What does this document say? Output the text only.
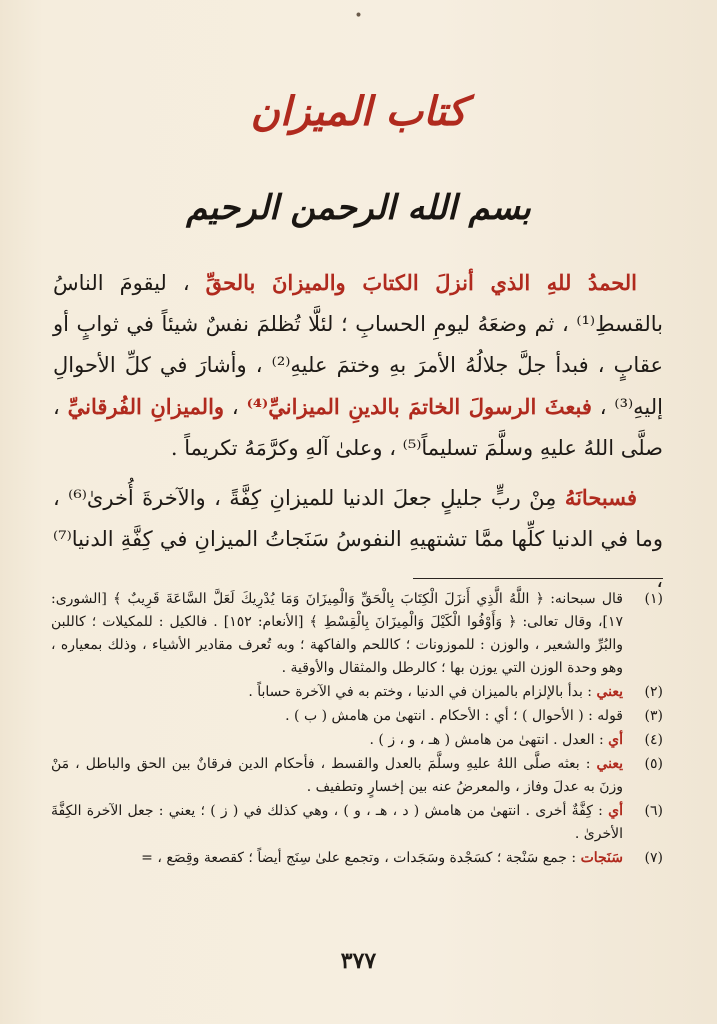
•
كتاب الميزان
بسم الله الرحمن الرحيم

الحمدُ للهِ الذي أنزلَ الكتابَ والميزانَ بالحقِّ ، ليقومَ الناسُ بالقسطِ⁽¹⁾ ، ثم وضعَهُ ليومِ الحسابِ ؛ لئلَّا تُظلمَ نفسٌ شيئاً في ثوابٍ أو عقابٍ ، فبدأ جلَّ جلالُهُ الأمرَ بهِ وختمَ عليهِ⁽²⁾ ، وأشارَ في كلِّ الأحوالِ إليهِ⁽³⁾ ، فبعثَ الرسولَ الخاتمَ بالدينِ الميزانيِّ⁽⁴⁾ ، والميزانِ الفُرقانيِّ ، صلَّى اللهُ عليهِ وسلَّمَ تسليماً⁽⁵⁾ ، وعلىٰ آلهِ وكرَّمَهُ تكريماً .

فسبحانَهُ مِنْ ربٍّ جليلٍ جعلَ الدنيا للميزانِ كِفَّةً ، والآخرةَ أُخرىٰ⁽⁶⁾ ، وما في الدنيا كلِّها ممَّا تشتهيهِ النفوسُ سَنَجاتُ الميزانِ في كِفَّةِ الدنيا⁽⁷⁾ ،

(١)
قال سبحانه: ﴿ اللَّهُ الَّذِي أَنزَلَ الْكِتَابَ بِالْحَقِّ وَالْمِيزَانَ وَمَا يُدْرِيكَ لَعَلَّ السَّاعَةَ قَرِيبٌ ﴾ [الشورى: ١٧]، وقال تعالى: ﴿ وَأَوْفُوا الْكَيْلَ وَالْمِيزَانَ بِالْقِسْطِ ﴾ [الأنعام: ١٥٢] . فالكيل : للمكيلات ؛ كاللبن والبُرِّ والشعير ، والوزن : للموزونات ؛ كاللحم والفاكهة ؛ وبه تُعرف مقادير الأشياء ، وذلك بمعياره ، وهو وحدة الوزن التي يوزن بها ؛ كالرطل والمثقال والأوقية .
(٢)
يعني : بدأ بالإلزام بالميزان في الدنيا ، وختم به في الآخرة حساباً .
(٣)
قوله : ( الأحوال ) ؛ أي : الأحكام . انتهىٰ من هامش ( ب ) .
(٤)
أي : العدل . انتهىٰ من هامش ( هـ ، و ، ز ) .
(٥)
يعني : بعثه صلَّى اللهُ عليهِ وسلَّمَ بالعدل والقسط ، فأحكام الدين فرقانٌ بين الحق والباطل ، مَنْ وزنَ به عدلَ وفاز ، والمعرضُ عنه بين إخسارٍ وتطفيف .
(٦)
أي : كِفَّةٌ أخرى . انتهىٰ من هامش ( د ، هـ ، و ) ، وهي كذلك في ( ز ) ؛ يعني : جعل الآخرة الكِفَّةَ الأخرىٰ .
(٧)
سَنَجات : جمع سَنْجة ؛ كسَجْدة وسَجَدات ، وتجمع علىٰ سِنَج أيضاً ؛ كقصعة وقِصَع ، =
٣٧٧
